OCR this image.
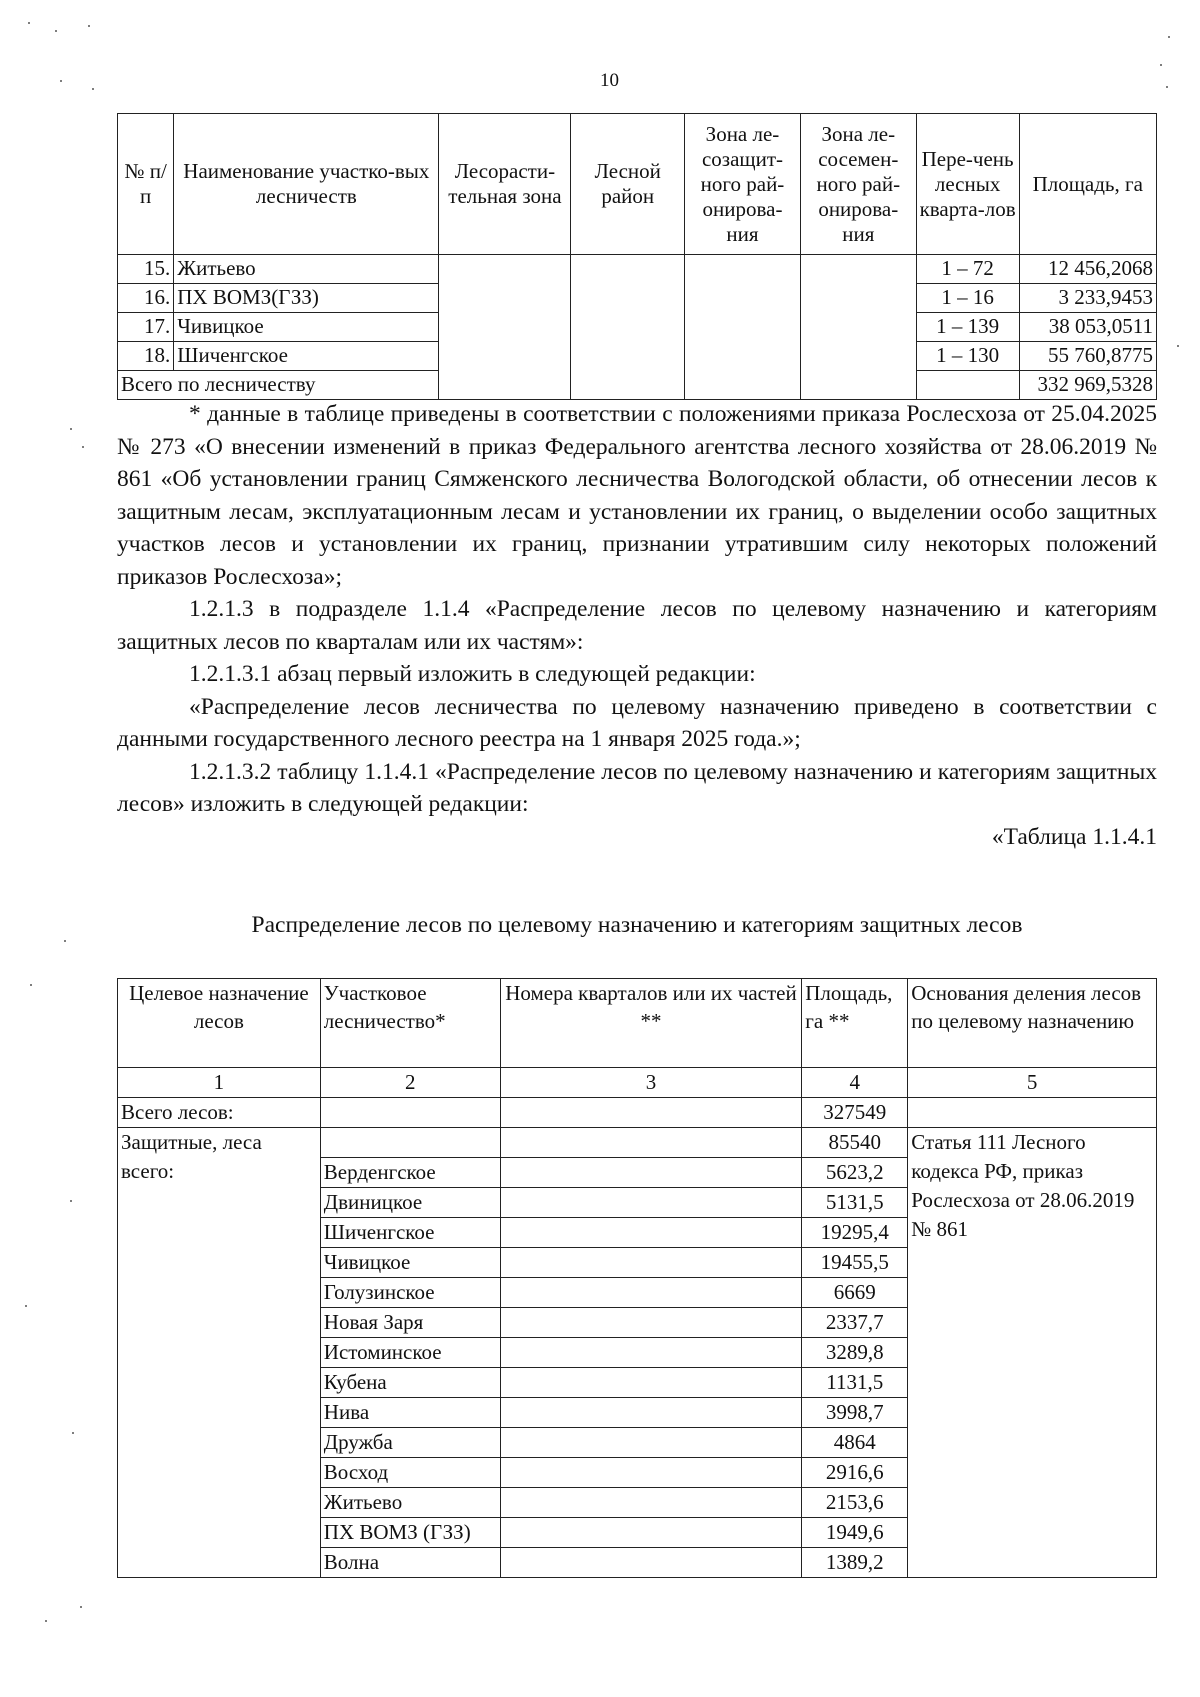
10
№ п/п	Наименование участко-вых лесничеств	Лесорасти-тельная зона	Лесной район	Зона ле-созащит-ного рай-онирова-ния	Зона ле-сосемен-ного рай-онирова-ния	Пере-чень лесных кварта-лов	Площадь, га
15.	Житьево					1 – 72	12 456,2068
16.	ПХ ВОМЗ(ГЗЗ)					1 – 16	3 233,9453
17.	Чивицкое					1 – 139	38 053,0511
18.	Шиченгское					1 – 130	55 760,8775
Всего по лесничеству							332 969,5328

* данные в таблице приведены в соответствии с положениями приказа Рослесхоза от 25.04.2025 № 273 «О внесении изменений в приказ Федерального агентства лесного хозяйства от 28.06.2019 № 861 «Об установлении границ Сямженского лесничества Вологодской области, об отнесении лесов к защитным лесам, эксплуатационным лесам и установлении их границ, о выделении особо защитных участков лесов и установлении их границ, признании утратившим силу некоторых положений приказов Рослесхоза»;

1.2.1.3 в подразделе 1.1.4 «Распределение лесов по целевому назначению и категориям защитных лесов по кварталам или их частям»:

1.2.1.3.1 абзац первый изложить в следующей редакции:

«Распределение лесов лесничества по целевому назначению приведено в соответствии с данными государственного лесного реестра на 1 января 2025 года.»;

1.2.1.3.2 таблицу 1.1.4.1 «Распределение лесов по целевому назначению и категориям защитных лесов» изложить в следующей редакции:

«Таблица 1.1.4.1

Распределение лесов по целевому назначению и категориям защитных лесов
Целевое назначение лесов	Участковое лесничество*	Номера кварталов или их частей **	Площадь, га **	Основания деления лесов по целевому назначению
1	2	3	4	5
Всего лесов:			327549	
Защитные, леса всего:			85540	Статья 111 Лесного кодекса РФ, приказ Рослесхоза от 28.06.2019 № 861
	Верденгское		5623,2	
	Двиницкое		5131,5	
	Шиченгское		19295,4	
	Чивицкое		19455,5	
	Голузинское		6669	
	Новая Заря		2337,7	
	Истоминское		3289,8	
	Кубена		1131,5	
	Нива		3998,7	
	Дружба		4864	
	Восход		2916,6	
	Житьево		2153,6	
	ПХ ВОМЗ (ГЗЗ)		1949,6	
	Волна		1389,2	
